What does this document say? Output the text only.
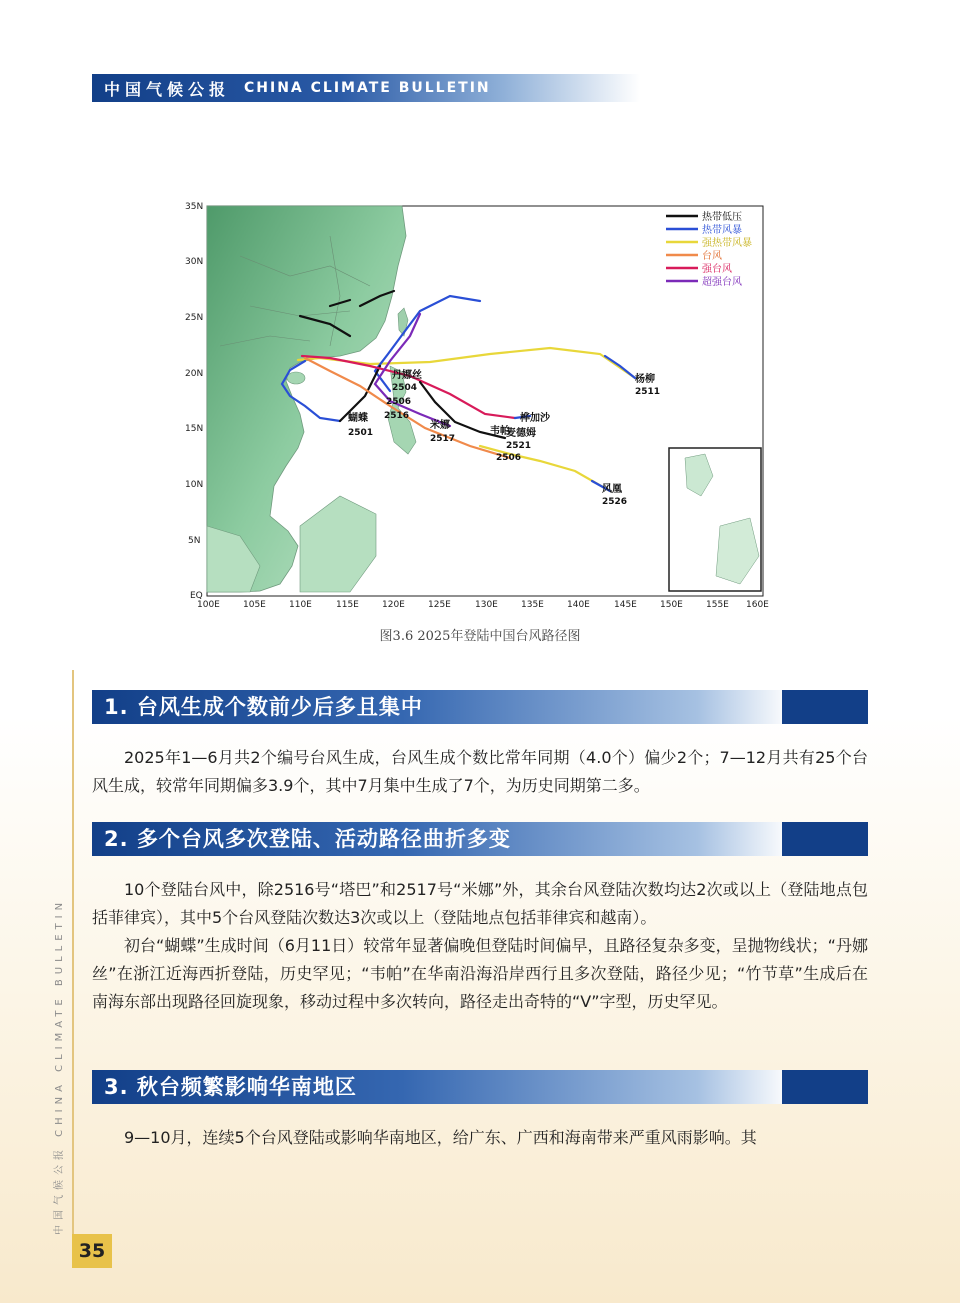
中国气候公报 CHINA CLIMATE BULLETIN
热带低压
热带风暴
强热带风暴
台风
强台风
超强台风
35N
30N
25N
20N
15N
10N
5N
EQ
100E	105E	110E	115E	120E	125E	130E	135E	140E	145E	150E	155E 160E
杨柳
2511
丹娜丝
2504
蝴蝶
2501
桦加沙
米娜
2517	麦德姆
2521
韦帕
2506
风凰
2526
2506
2516
图3.6 2025年登陆中国台风路径图
1. 台风生成个数前少后多且集中

2025年1—6月共2个编号台风生成，台风生成个数比常年同期（4.0个）偏少2个；7—12月共有25个台风生成，较常年同期偏多3.9个，其中7月集中生成了7个，为历史同期第二多。

2. 多个台风多次登陆、活动路径曲折多变

10个登陆台风中，除2516号“塔巴”和2517号“米娜”外，其余台风登陆次数均达2次或以上（登陆地点包括菲律宾），其中5个台风登陆次数达3次或以上（登陆地点包括菲律宾和越南）。

初台“蝴蝶”生成时间（6月11日）较常年显著偏晚但登陆时间偏早，且路径复杂多变，呈抛物线状；“丹娜丝”在浙江近海西折登陆，历史罕见；“韦帕”在华南沿海沿岸西行且多次登陆，路径少见；“竹节草”生成后在南海东部出现路径回旋现象，移动过程中多次转向，路径走出奇特的“V”字型，历史罕见。

3. 秋台频繁影响华南地区

9—10月，连续5个台风登陆或影响华南地区，给广东、广西和海南带来严重风雨影响。其

中国气候公报 CHINA CLIMATE BULLETIN
35
